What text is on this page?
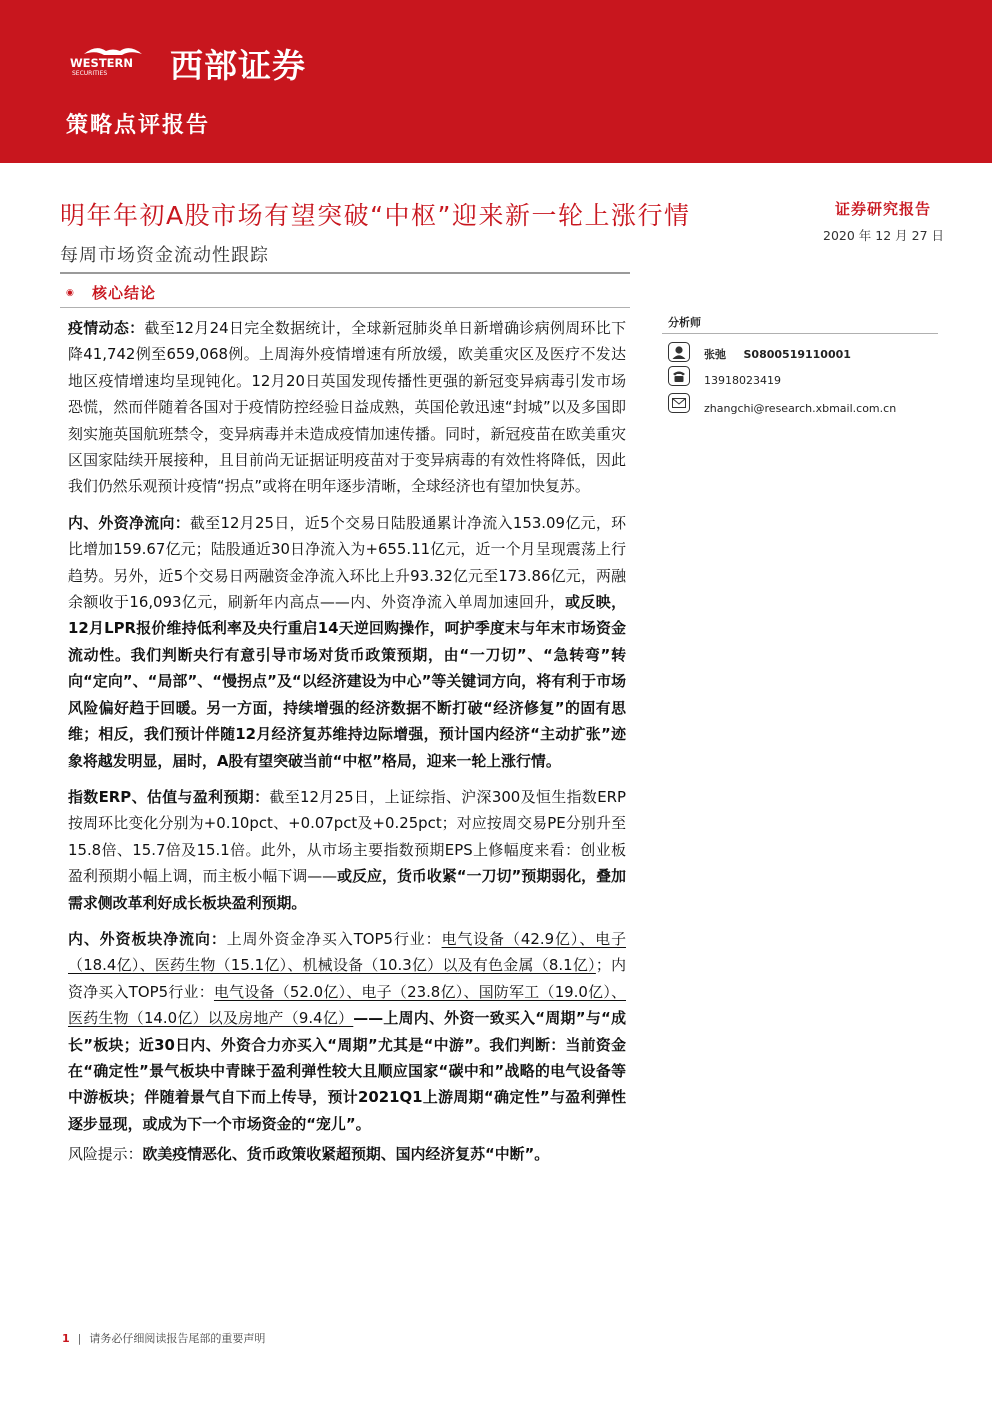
WESTERN
SECURITIES 西部证券
策略点评报告
明年年初A股市场有望突破“中枢”迎来新一轮上涨行情
每周市场资金流动性跟踪
证券研究报告
2020 年 12 月 27 日
◉ 核心结论

疫情动态：截至12月24日完全数据统计，全球新冠肺炎单日新增确诊病例周环比下降41,742例至659,068例。上周海外疫情增速有所放缓，欧美重灾区及医疗不发达地区疫情增速均呈现钝化。12月20日英国发现传播性更强的新冠变异病毒引发市场恐慌，然而伴随着各国对于疫情防控经验日益成熟，英国伦敦迅速“封城”以及多国即刻实施英国航班禁令，变异病毒并未造成疫情加速传播。同时，新冠疫苗在欧美重灾区国家陆续开展接种，且目前尚无证据证明疫苗对于变异病毒的有效性将降低，因此我们仍然乐观预计疫情“拐点”或将在明年逐步清晰，全球经济也有望加快复苏。

内、外资净流向：截至12月25日，近5个交易日陆股通累计净流入153.09亿元，环比增加159.67亿元；陆股通近30日净流入为+655.11亿元，近一个月呈现震荡上行趋势。另外，近5个交易日两融资金净流入环比上升93.32亿元至173.86亿元，两融余额收于16,093亿元，刷新年内高点——内、外资净流入单周加速回升，或反映，12月LPR报价维持低利率及央行重启14天逆回购操作，呵护季度末与年末市场资金流动性。我们判断央行有意引导市场对货币政策预期，由“一刀切”、“急转弯”转向“定向”、“局部”、“慢拐点”及“以经济建设为中心”等关键词方向，将有利于市场风险偏好趋于回暖。另一方面，持续增强的经济数据不断打破“经济修复”的固有思维；相反，我们预计伴随12月经济复苏维持边际增强，预计国内经济“主动扩张”迹象将越发明显，届时，A股有望突破当前“中枢”格局，迎来一轮上涨行情。

指数ERP、估值与盈利预期：截至12月25日，上证综指、沪深300及恒生指数ERP按周环比变化分别为+0.10pct、+0.07pct及+0.25pct；对应按周交易PE分别升至15.8倍、15.7倍及15.1倍。此外，从市场主要指数预期EPS上修幅度来看：创业板盈利预期小幅上调，而主板小幅下调——或反应，货币收紧“一刀切”预期弱化，叠加需求侧改革利好成长板块盈利预期。

内、外资板块净流向：上周外资金净买入TOP5行业：电气设备（42.9亿）、电子（18.4亿）、医药生物（15.1亿）、机械设备（10.3亿）以及有色金属（8.1亿）；内资净买入TOP5行业：电气设备（52.0亿）、电子（23.8亿）、国防军工（19.0亿）、医药生物（14.0亿）以及房地产（9.4亿）——上周内、外资一致买入“周期”与“成长”板块；近30日内、外资合力亦买入“周期”尤其是“中游”。我们判断：当前资金在“确定性”景气板块中青睐于盈利弹性较大且顺应国家“碳中和”战略的电气设备等中游板块；伴随着景气自下而上传导，预计2021Q1上游周期“确定性”与盈利弹性逐步显现，或成为下一个市场资金的“宠儿”。

风险提示：欧美疫情恶化、货币政策收紧超预期、国内经济复苏“中断”。

分析师
张弛 S0800519110001
13918023419
zhangchi@research.xbmail.com.cn
1 | 请务必仔细阅读报告尾部的重要声明
